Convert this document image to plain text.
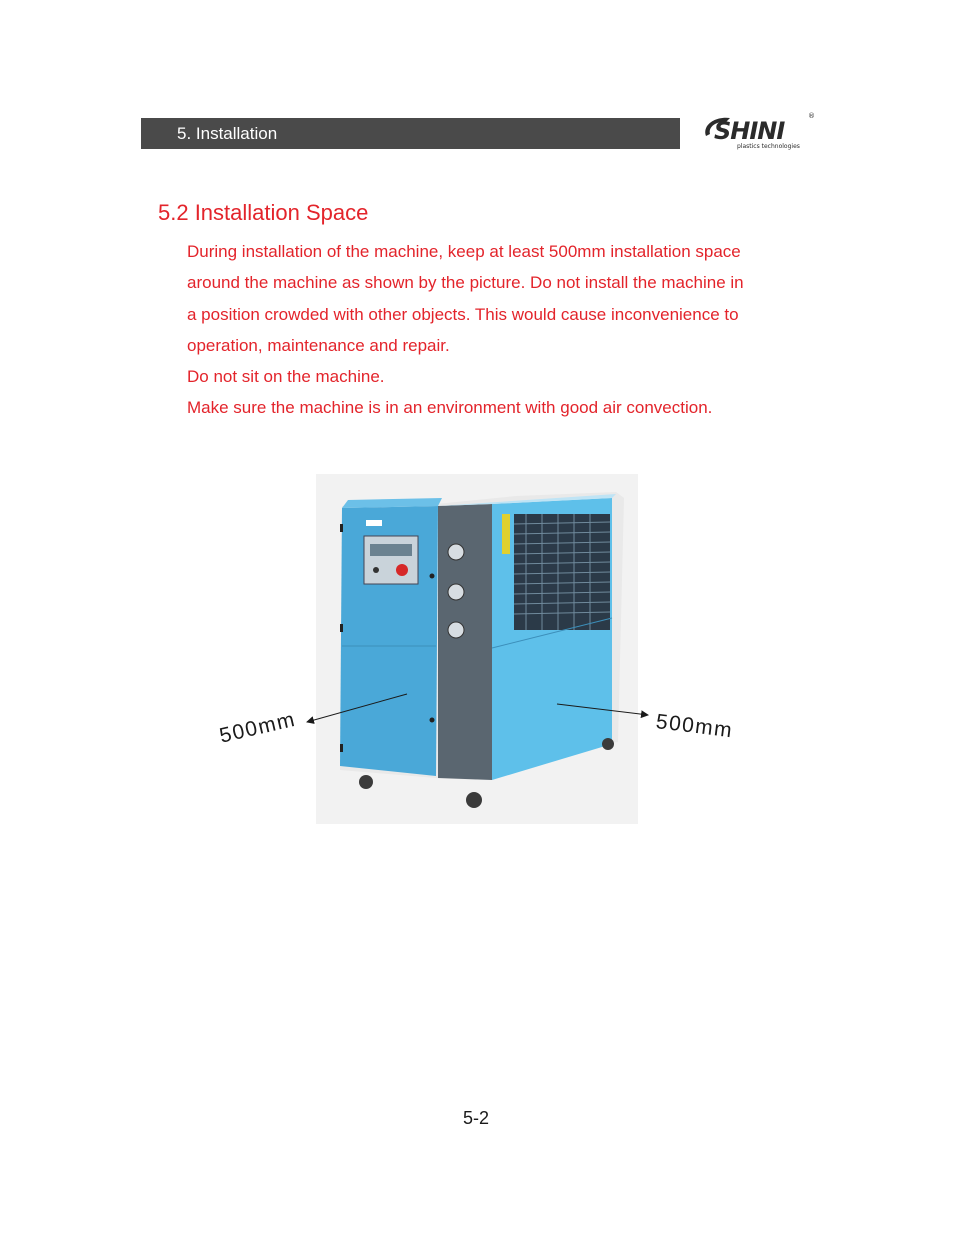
5. Installation	SHINI
®
plastics technologies
5.2 Installation Space

During installation of the machine, keep at least 500mm installation space

around the machine as shown by the picture. Do not install the machine in

a position crowded with other objects. This would cause inconvenience to

operation, maintenance and repair.

Do not sit on the machine.

Make sure the machine is in an environment with good air convection.

500mm	500mm
5-2
